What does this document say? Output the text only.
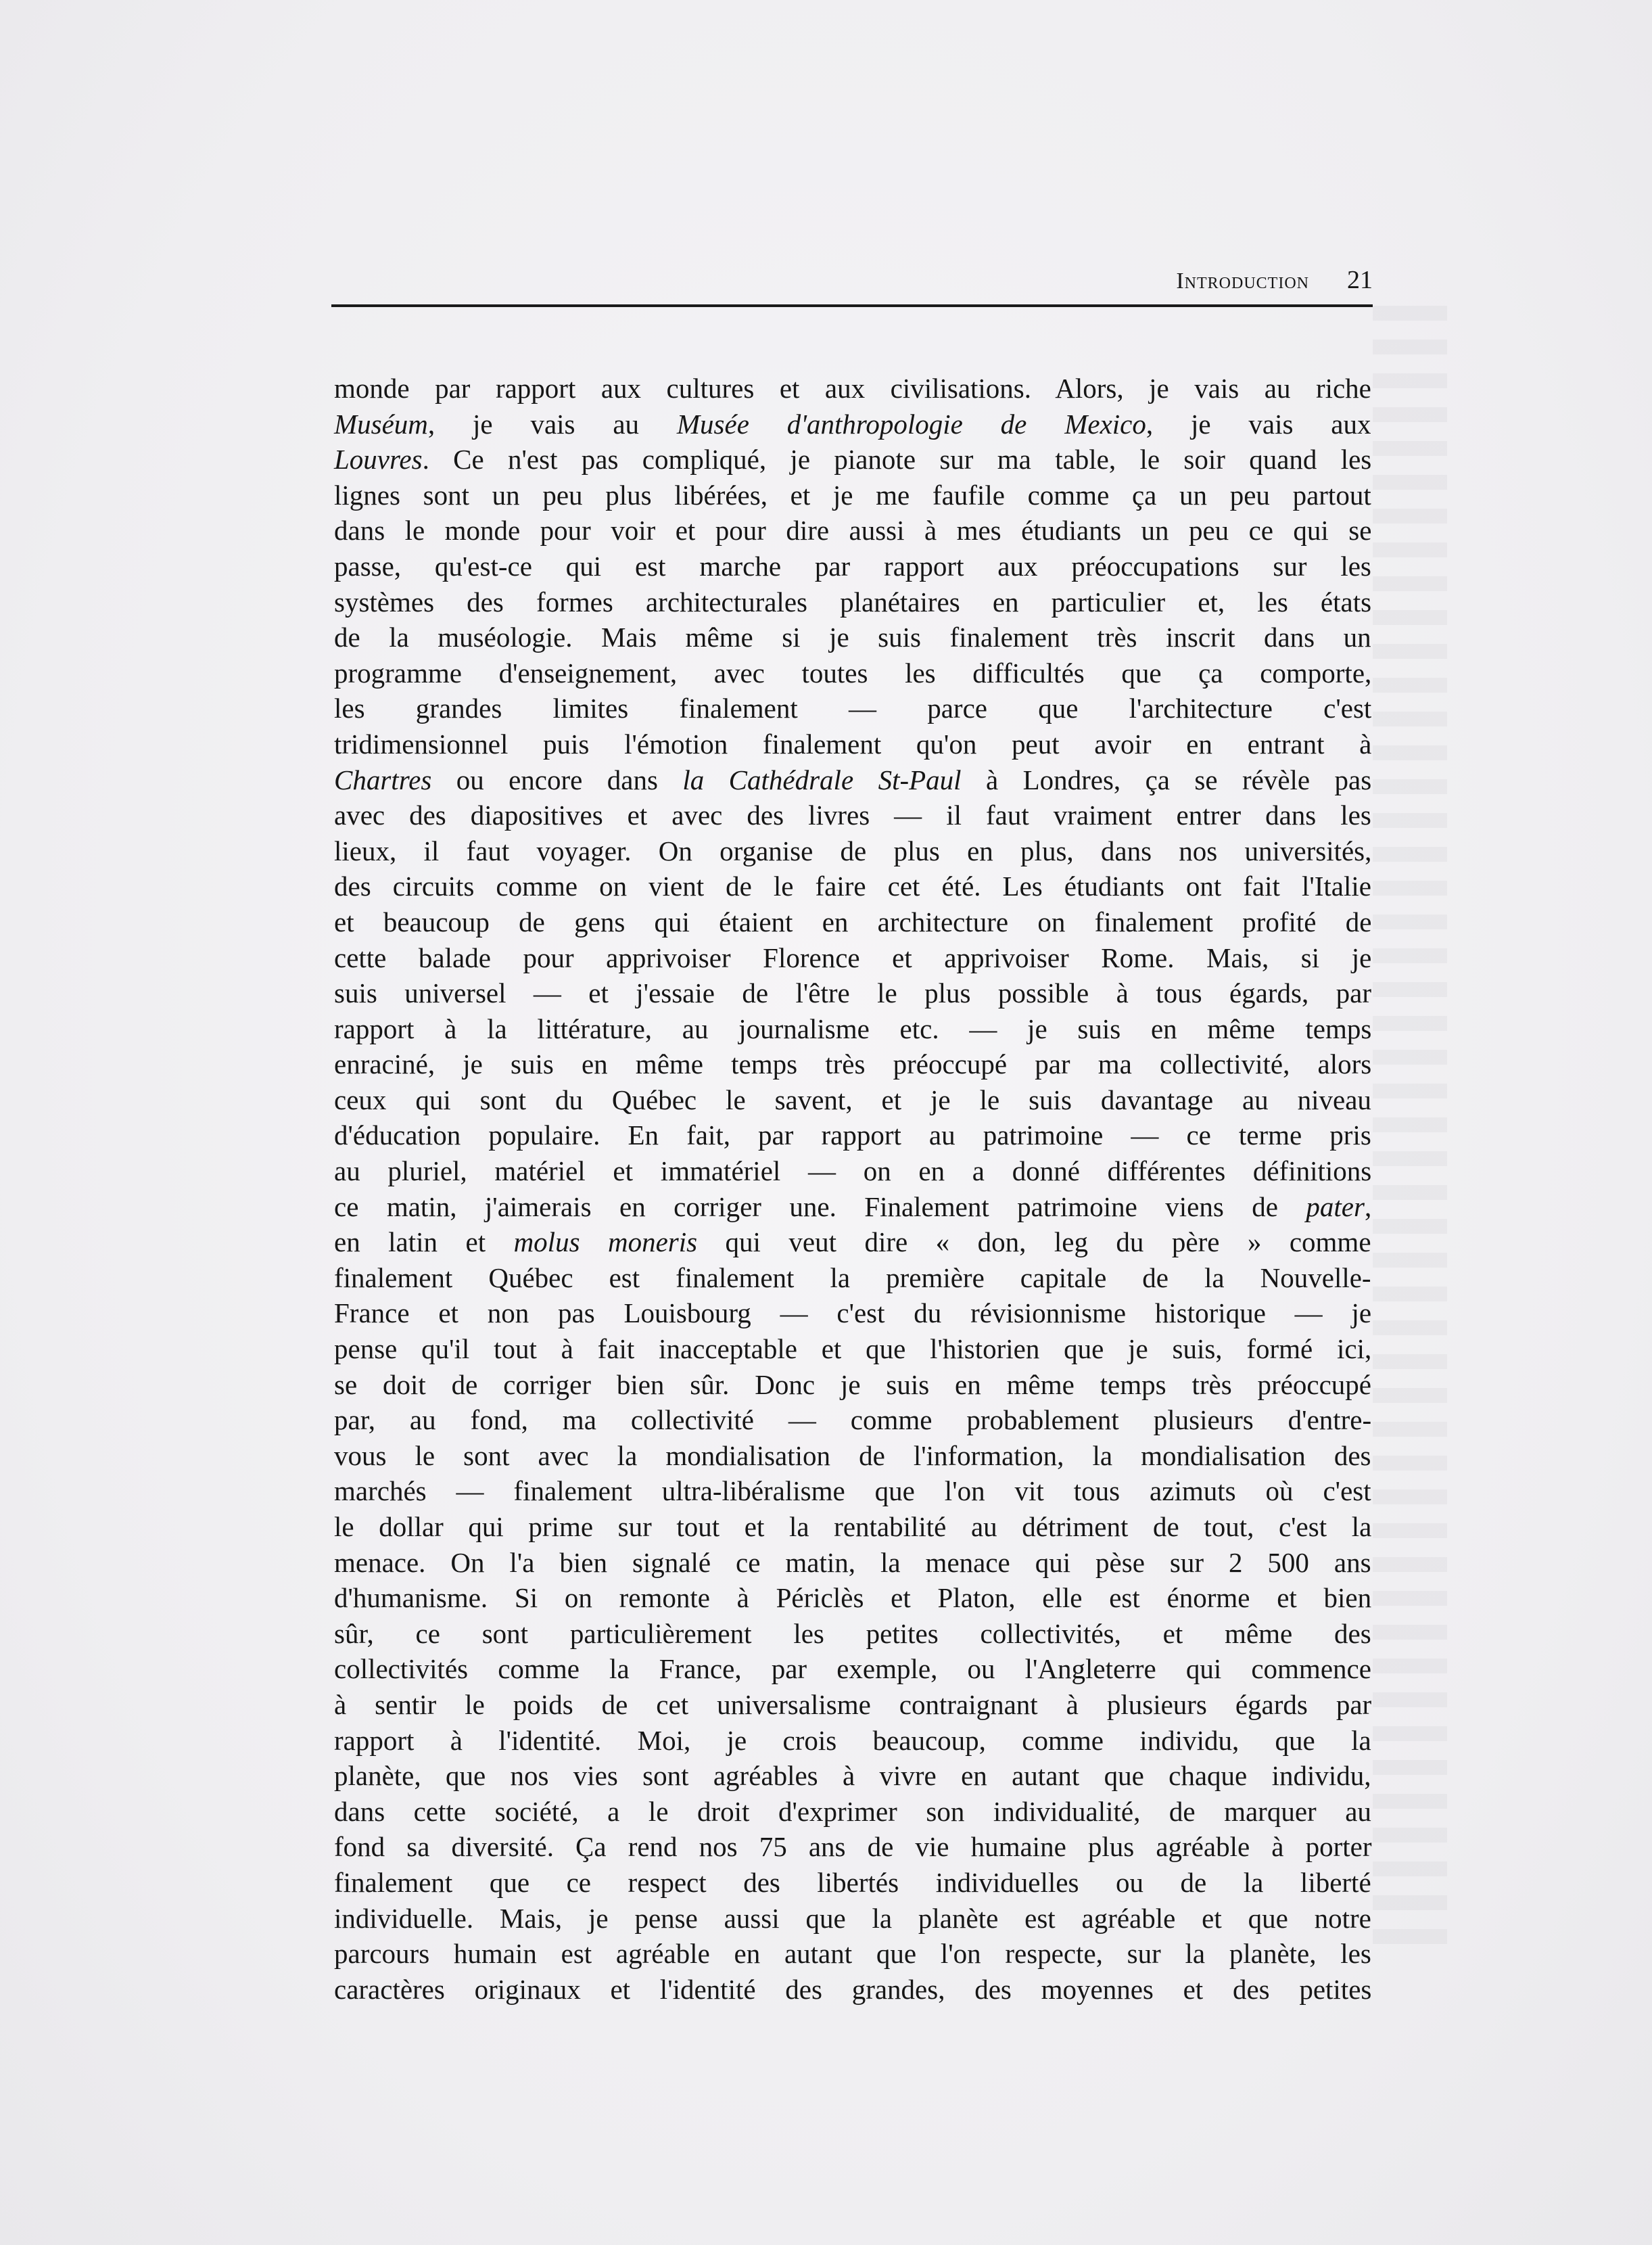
Introduction 21
monde par rapport aux cultures et aux civilisations. Alors, je vais au riche
Muséum, je vais au Musée d'anthropologie de Mexico, je vais aux
Louvres. Ce n'est pas compliqué, je pianote sur ma table, le soir quand les
lignes sont un peu plus libérées, et je me faufile comme ça un peu partout
dans le monde pour voir et pour dire aussi à mes étudiants un peu ce qui se
passe, qu'est-ce qui est marche par rapport aux préoccupations sur les
systèmes des formes architecturales planétaires en particulier et, les états
de la muséologie. Mais même si je suis finalement très inscrit dans un
programme d'enseignement, avec toutes les difficultés que ça comporte,
les grandes limites finalement — parce que l'architecture c'est
tridimensionnel puis l'émotion finalement qu'on peut avoir en entrant à
Chartres ou encore dans la Cathédrale St-Paul à Londres, ça se révèle pas
avec des diapositives et avec des livres — il faut vraiment entrer dans les
lieux, il faut voyager. On organise de plus en plus, dans nos universités,
des circuits comme on vient de le faire cet été. Les étudiants ont fait l'Italie
et beaucoup de gens qui étaient en architecture on finalement profité de
cette balade pour apprivoiser Florence et apprivoiser Rome. Mais, si je
suis universel — et j'essaie de l'être le plus possible à tous égards, par
rapport à la littérature, au journalisme etc. — je suis en même temps
enraciné, je suis en même temps très préoccupé par ma collectivité, alors
ceux qui sont du Québec le savent, et je le suis davantage au niveau
d'éducation populaire. En fait, par rapport au patrimoine — ce terme pris
au pluriel, matériel et immatériel — on en a donné différentes définitions
ce matin, j'aimerais en corriger une. Finalement patrimoine viens de pater,
en latin et molus moneris qui veut dire « don, leg du père » comme
finalement Québec est finalement la première capitale de la Nouvelle-
France et non pas Louisbourg — c'est du révisionnisme historique — je
pense qu'il tout à fait inacceptable et que l'historien que je suis, formé ici,
se doit de corriger bien sûr. Donc je suis en même temps très préoccupé
par, au fond, ma collectivité — comme probablement plusieurs d'entre-
vous le sont avec la mondialisation de l'information, la mondialisation des
marchés — finalement ultra-libéralisme que l'on vit tous azimuts où c'est
le dollar qui prime sur tout et la rentabilité au détriment de tout, c'est la
menace. On l'a bien signalé ce matin, la menace qui pèse sur 2 500 ans
d'humanisme. Si on remonte à Périclès et Platon, elle est énorme et bien
sûr, ce sont particulièrement les petites collectivités, et même des
collectivités comme la France, par exemple, ou l'Angleterre qui commence
à sentir le poids de cet universalisme contraignant à plusieurs égards par
rapport à l'identité. Moi, je crois beaucoup, comme individu, que la
planète, que nos vies sont agréables à vivre en autant que chaque individu,
dans cette société, a le droit d'exprimer son individualité, de marquer au
fond sa diversité. Ça rend nos 75 ans de vie humaine plus agréable à porter
finalement que ce respect des libertés individuelles ou de la liberté
individuelle. Mais, je pense aussi que la planète est agréable et que notre
parcours humain est agréable en autant que l'on respecte, sur la planète, les
caractères originaux et l'identité des grandes, des moyennes et des petites
